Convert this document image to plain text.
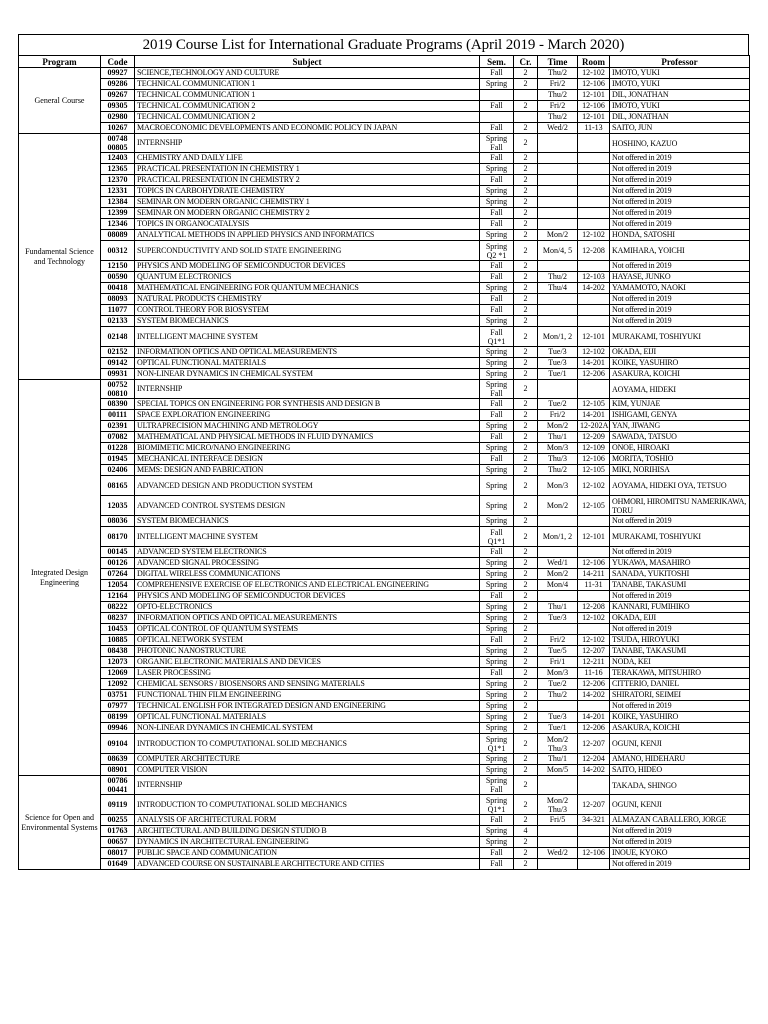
2019 Course List for International Graduate Programs (April 2019 - March 2020)
Program	Code	Subject	Sem.	Cr.	Time	Room	Professor
General Course	09927	SCIENCE,TECHNOLOGY AND CULTURE	Fall	2	Thu/2	12-102	IMOTO, YUKI
	09286	TECHNICAL COMMUNICATION 1	Spring	2	Fri/2	12-106	IMOTO, YUKI
	09267	TECHNICAL COMMUNICATION 1			Thu/2	12-101	DIL, JONATHAN
	09305	TECHNICAL COMMUNICATION 2	Fall	2	Fri/2	12-106	IMOTO, YUKI
	02980	TECHNICAL COMMUNICATION 2			Thu/2	12-101	DIL, JONATHAN
	10267	MACROECONOMIC DEVELOPMENTS AND ECONOMIC POLICY IN JAPAN	Fall	2	Wed/2	11-13	SAITO, JUN
Fundamental Science and Technology	00748 00805	INTERNSHIP	Spring Fall	2			HOSHINO, KAZUO
	12403	CHEMISTRY AND DAILY LIFE	Fall	2			Not offered in 2019
	12365	PRACTICAL PRESENTATION IN CHEMISTRY 1	Spring	2			Not offered in 2019
	12370	PRACTICAL PRESENTATION IN CHEMISTRY 2	Fall	2			Not offered in 2019
	12331	TOPICS IN CARBOHYDRATE CHEMISTRY	Spring	2			Not offered in 2019
	12384	SEMINAR ON MODERN ORGANIC CHEMISTRY 1	Spring	2			Not offered in 2019
	12399	SEMINAR ON MODERN ORGANIC CHEMISTRY 2	Fall	2			Not offered in 2019
	12346	TOPICS IN ORGANOCATALYSIS	Fall	2			Not offered in 2019
	08089	ANALYTICAL METHODS IN APPLIED PHYSICS AND INFORMATICS	Spring	2	Mon/2	12-102	HONDA, SATOSHI
	00312	SUPERCONDUCTIVITY AND SOLID STATE ENGINEERING	Spring Q2 *1	2	Mon/4, 5	12-208	KAMIHARA, YOICHI
	12150	PHYSICS AND MODELING OF SEMICONDUCTOR DEVICES	Fall	2			Not offered in 2019
	00590	QUANTUM ELECTRONICS	Fall	2	Thu/2	12-103	HAYASE, JUNKO
	00418	MATHEMATICAL ENGINEERING FOR QUANTUM MECHANICS	Spring	2	Thu/4	14-202	YAMAMOTO, NAOKI
	08093	NATURAL PRODUCTS CHEMISTRY	Fall	2			Not offered in 2019
	11077	CONTROL THEORY FOR BIOSYSTEM	Fall	2			Not offered in 2019
	02133	SYSTEM BIOMECHANICS	Spring	2			Not offered in 2019
	02148	INTELLIGENT MACHINE SYSTEM	Fall Q1*1	2	Mon/1, 2	12-101	MURAKAMI, TOSHIYUKI
	02152	INFORMATION OPTICS AND OPTICAL MEASUREMENTS	Spring	2	Tue/3	12-102	OKADA, EIJI
	09142	OPTICAL FUNCTIONAL MATERIALS	Spring	2	Tue/3	14-201	KOIKE, YASUHIRO
	09931	NON-LINEAR DYNAMICS IN CHEMICAL SYSTEM	Spring	2	Tue/1	12-206	ASAKURA, KOICHI
Integrated Design Engineering	00752 00810	INTERNSHIP	Spring Fall	2			AOYAMA, HIDEKI
	08390	SPECIAL TOPICS ON ENGINEERING FOR SYNTHESIS AND DESIGN B	Fall	2	Tue/2	12-105	KIM, YUNJAE
	00111	SPACE EXPLORATION ENGINEERING	Fall	2	Fri/2	14-201	ISHIGAMI, GENYA
	02391	ULTRAPRECISION MACHINING AND METROLOGY	Spring	2	Mon/2	12-202A	YAN, JIWANG
	07082	MATHEMATICAL AND PHYSICAL METHODS IN FLUID DYNAMICS	Fall	2	Thu/1	12-209	SAWADA, TATSUO
	01228	BIOMIMETIC MICRO/NANO ENGINEERING	Spring	2	Mon/3	12-109	ONOE, HIROAKI
	01945	MECHANICAL INTERFACE DESIGN	Fall	2	Thu/3	12-106	MORITA, TOSHIO
	02406	MEMS: DESIGN AND FABRICATION	Spring	2	Thu/2	12-105	MIKI, NORIHISA
	08165	ADVANCED DESIGN AND PRODUCTION SYSTEM	Spring	2	Mon/3	12-102	AOYAMA, HIDEKI OYA, TETSUO
	12035	ADVANCED CONTROL SYSTEMS DESIGN	Spring	2	Mon/2	12-105	OHMORI, HIROMITSU NAMERIKAWA, TORU
	08036	SYSTEM BIOMECHANICS	Spring	2			Not offered in 2019
	08170	INTELLIGENT MACHINE SYSTEM	Fall Q1*1	2	Mon/1, 2	12-101	MURAKAMI, TOSHIYUKI
	00145	ADVANCED SYSTEM ELECTRONICS	Fall	2			Not offered in 2019
	00126	ADVANCED SIGNAL PROCESSING	Spring	2	Wed/1	12-106	YUKAWA, MASAHIRO
	07264	DIGITAL WIRELESS COMMUNICATIONS	Spring	2	Mon/2	14-211	SANADA, YUKITOSHI
	12054	COMPREHENSIVE EXERCISE OF ELECTRONICS AND ELECTRICAL ENGINEERING	Spring	2	Mon/4	11-31	TANABE, TAKASUMI
	12164	PHYSICS AND MODELING OF SEMICONDUCTOR DEVICES	Fall	2			Not offered in 2019
	08222	OPTO-ELECTRONICS	Spring	2	Thu/1	12-208	KANNARI, FUMIHIKO
	08237	INFORMATION OPTICS AND OPTICAL MEASUREMENTS	Spring	2	Tue/3	12-102	OKADA, EIJI
	10453	OPTICAL CONTROL OF QUANTUM SYSTEMS	Spring	2			Not offered in 2019
	10885	OPTICAL NETWORK SYSTEM	Fall	2	Fri/2	12-102	TSUDA, HIROYUKI
	08438	PHOTONIC NANOSTRUCTURE	Spring	2	Tue/5	12-207	TANABE, TAKASUMI
	12073	ORGANIC ELECTRONIC MATERIALS AND DEVICES	Spring	2	Fri/1	12-211	NODA, KEI
	12069	LASER PROCESSING	Fall	2	Mon/3	11-16	TERAKAWA, MITSUHIRO
	12092	CHEMICAL SENSORS / BIOSENSORS AND SENSING MATERIALS	Spring	2	Tue/2	12-206	CITTERIO, DANIEL
	03751	FUNCTIONAL THIN FILM ENGINEERING	Spring	2	Thu/2	14-202	SHIRATORI, SEIMEI
	07977	TECHNICAL ENGLISH FOR INTEGRATED DESIGN AND ENGINEERING	Spring	2			Not offered in 2019
	08199	OPTICAL FUNCTIONAL MATERIALS	Spring	2	Tue/3	14-201	KOIKE, YASUHIRO
	09946	NON-LINEAR DYNAMICS IN CHEMICAL SYSTEM	Spring	2	Tue/1	12-206	ASAKURA, KOICHI
	09104	INTRODUCTION TO COMPUTATIONAL SOLID MECHANICS	Spring Q1*1	2	Mon/2 Thu/3	12-207	OGUNI, KENJI
	08639	COMPUTER ARCHITECTURE	Spring	2	Thu/1	12-204	AMANO, HIDEHARU
	08901	COMPUTER VISION	Spring	2	Mon/5	14-202	SAITO, HIDEO
Science for Open and Environmental Systems	00786 00441	INTERNSHIP	Spring Fall	2			TAKADA, SHINGO
	09119	INTRODUCTION TO COMPUTATIONAL SOLID MECHANICS	Spring Q1*1	2	Mon/2 Thu/3	12-207	OGUNI, KENJI
	00255	ANALYSIS OF ARCHITECTURAL FORM	Fall	2	Fri/5	34-321	ALMAZAN CABALLERO, JORGE
	01763	ARCHITECTURAL AND BUILDING DESIGN STUDIO B	Spring	4			Not offered in 2019
	00657	DYNAMICS IN ARCHITECTURAL ENGINEERING	Spring	2			Not offered in 2019
	08017	PUBLIC SPACE AND COMMUNICATION	Fall	2	Wed/2	12-106	INOUE, KYOKO
	01649	ADVANCED COURSE ON SUSTAINABLE ARCHITECTURE AND CITIES	Fall	2			Not offered in 2019
